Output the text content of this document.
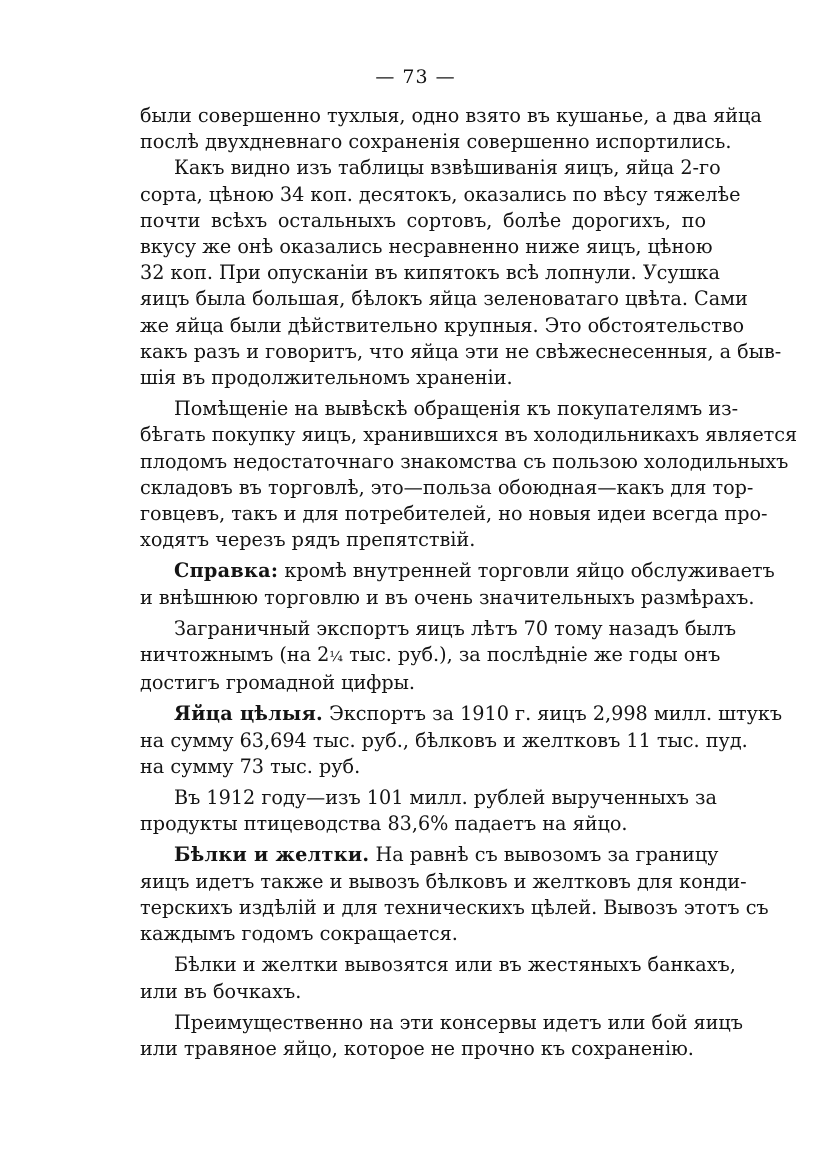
— 73 —
были совершенно тухлыя, одно взято въ кушанье, а два яйца
послѣ двухдневнаго сохраненія совершенно испортились.
Какъ видно изъ таблицы взвѣшиванія яицъ, яйца 2-го
сорта, цѣною 34 коп. десятокъ, оказались по вѣсу тяжелѣе
почти всѣхъ остальныхъ сортовъ, болѣе дорогихъ, по
вкусу же онѣ оказались несравненно ниже яицъ, цѣною
32 коп. При опусканіи въ кипятокъ всѣ лопнули. Усушка
яицъ была большая, бѣлокъ яйца зеленоватаго цвѣта. Сами
же яйца были дѣйствительно крупныя. Это обстоятельство
какъ разъ и говоритъ, что яйца эти не свѣжеснесенныя, а быв-
шія въ продолжительномъ храненіи.
Помѣщеніе на вывѣскѣ обращенія къ покупателямъ из-
бѣгать покупку яицъ, хранившихся въ холодильникахъ является
плодомъ недостаточнаго знакомства съ пользою холодильныхъ
складовъ въ торговлѣ, это—польза обоюдная—какъ для тор-
говцевъ, такъ и для потребителей, но новыя идеи всегда про-
ходятъ черезъ рядъ препятствій.
Справка: кромѣ внутренней торговли яйцо обслуживаетъ
и внѣшнюю торговлю и въ очень значительныхъ размѣрахъ.
Заграничный экспортъ яицъ лѣтъ 70 тому назадъ былъ
ничтожнымъ (на 2¼ тыс. руб.), за послѣдніе же годы онъ
достигъ громадной цифры.
Яйца цѣлыя. Экспортъ за 1910 г. яицъ 2,998 милл. штукъ
на сумму 63,694 тыс. руб., бѣлковъ и желтковъ 11 тыс. пуд.
на сумму 73 тыс. руб.
Въ 1912 году—изъ 101 милл. рублей вырученныхъ за
продукты птицеводства 83,6% падаетъ на яйцо.
Бѣлки и желтки. На равнѣ съ вывозомъ за границу
яицъ идетъ также и вывозъ бѣлковъ и желтковъ для конди-
терскихъ издѣлій и для техническихъ цѣлей. Вывозъ этотъ съ
каждымъ годомъ сокращается.
Бѣлки и желтки вывозятся или въ жестяныхъ банкахъ,
или въ бочкахъ.
Преимущественно на эти консервы идетъ или бой яицъ
или травяное яйцо, которое не прочно къ сохраненію.
